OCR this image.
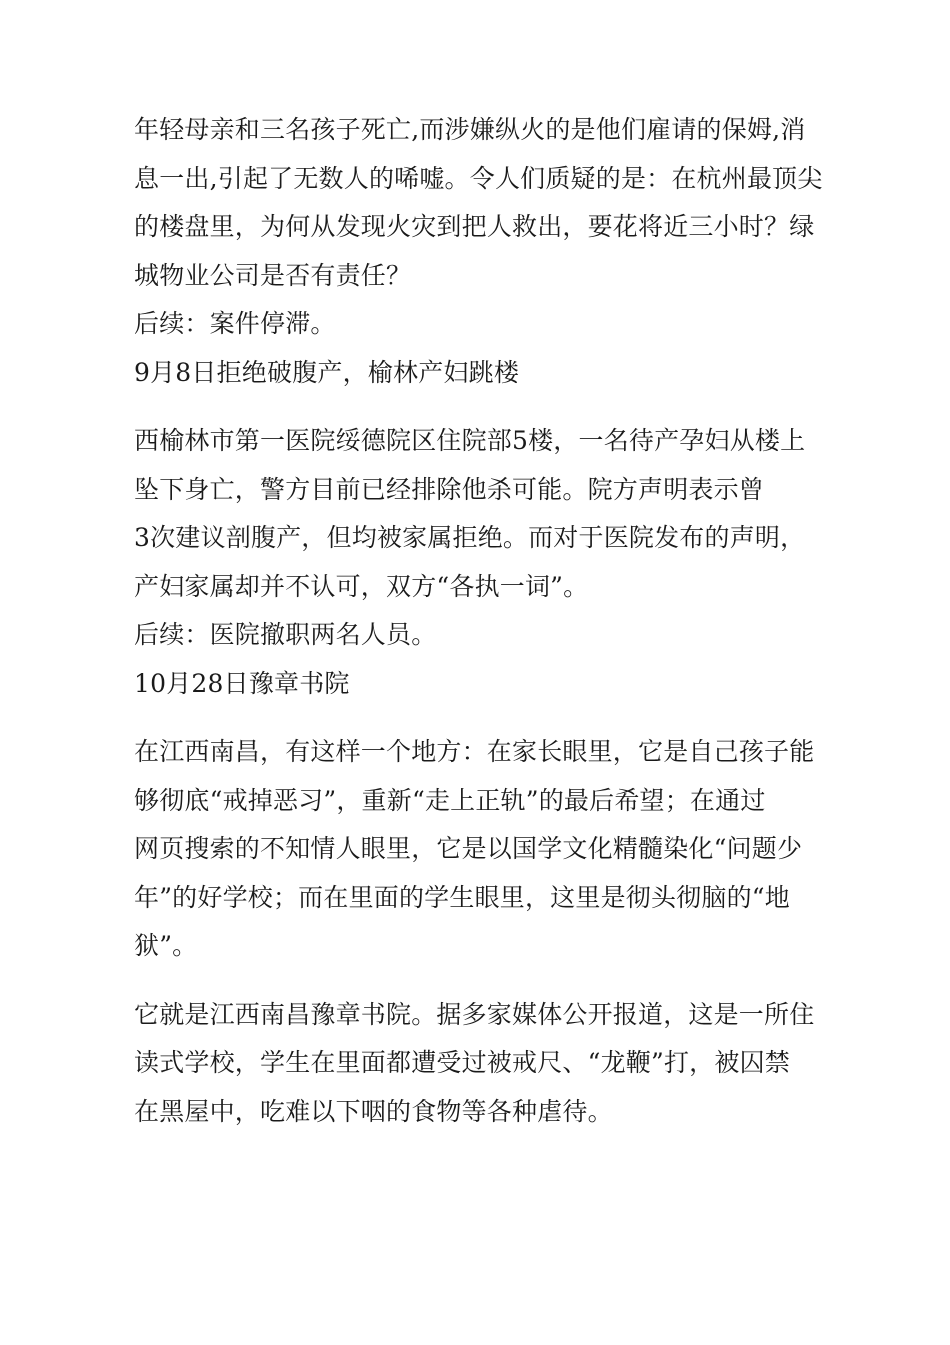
年轻母亲和三名孩子死亡,而涉嫌纵火的是他们雇请的保姆,消
息一出,引起了无数人的唏嘘。令人们质疑的是：在杭州最顶尖
的楼盘里，为何从发现火灾到把人救出，要花将近三小时？绿
城物业公司是否有责任？

后续：案件停滞。

9月8日拒绝破腹产，榆林产妇跳楼

西榆林市第一医院绥德院区住院部5楼，一名待产孕妇从楼上
坠下身亡，警方目前已经排除他杀可能。院方声明表示曾
3次建议剖腹产，但均被家属拒绝。而对于医院发布的声明，
产妇家属却并不认可，双方“各执一词”。

后续：医院撤职两名人员。

10月28日豫章书院

在江西南昌，有这样一个地方：在家长眼里，它是自己孩子能
够彻底“戒掉恶习”，重新“走上正轨”的最后希望；在通过
网页搜索的不知情人眼里，它是以国学文化精髓染化“问题少
年”的好学校；而在里面的学生眼里，这里是彻头彻脑的“地
狱”。

它就是江西南昌豫章书院。据多家媒体公开报道，这是一所住
读式学校，学生在里面都遭受过被戒尺、“龙鞭”打，被囚禁
在黑屋中，吃难以下咽的食物等各种虐待。
